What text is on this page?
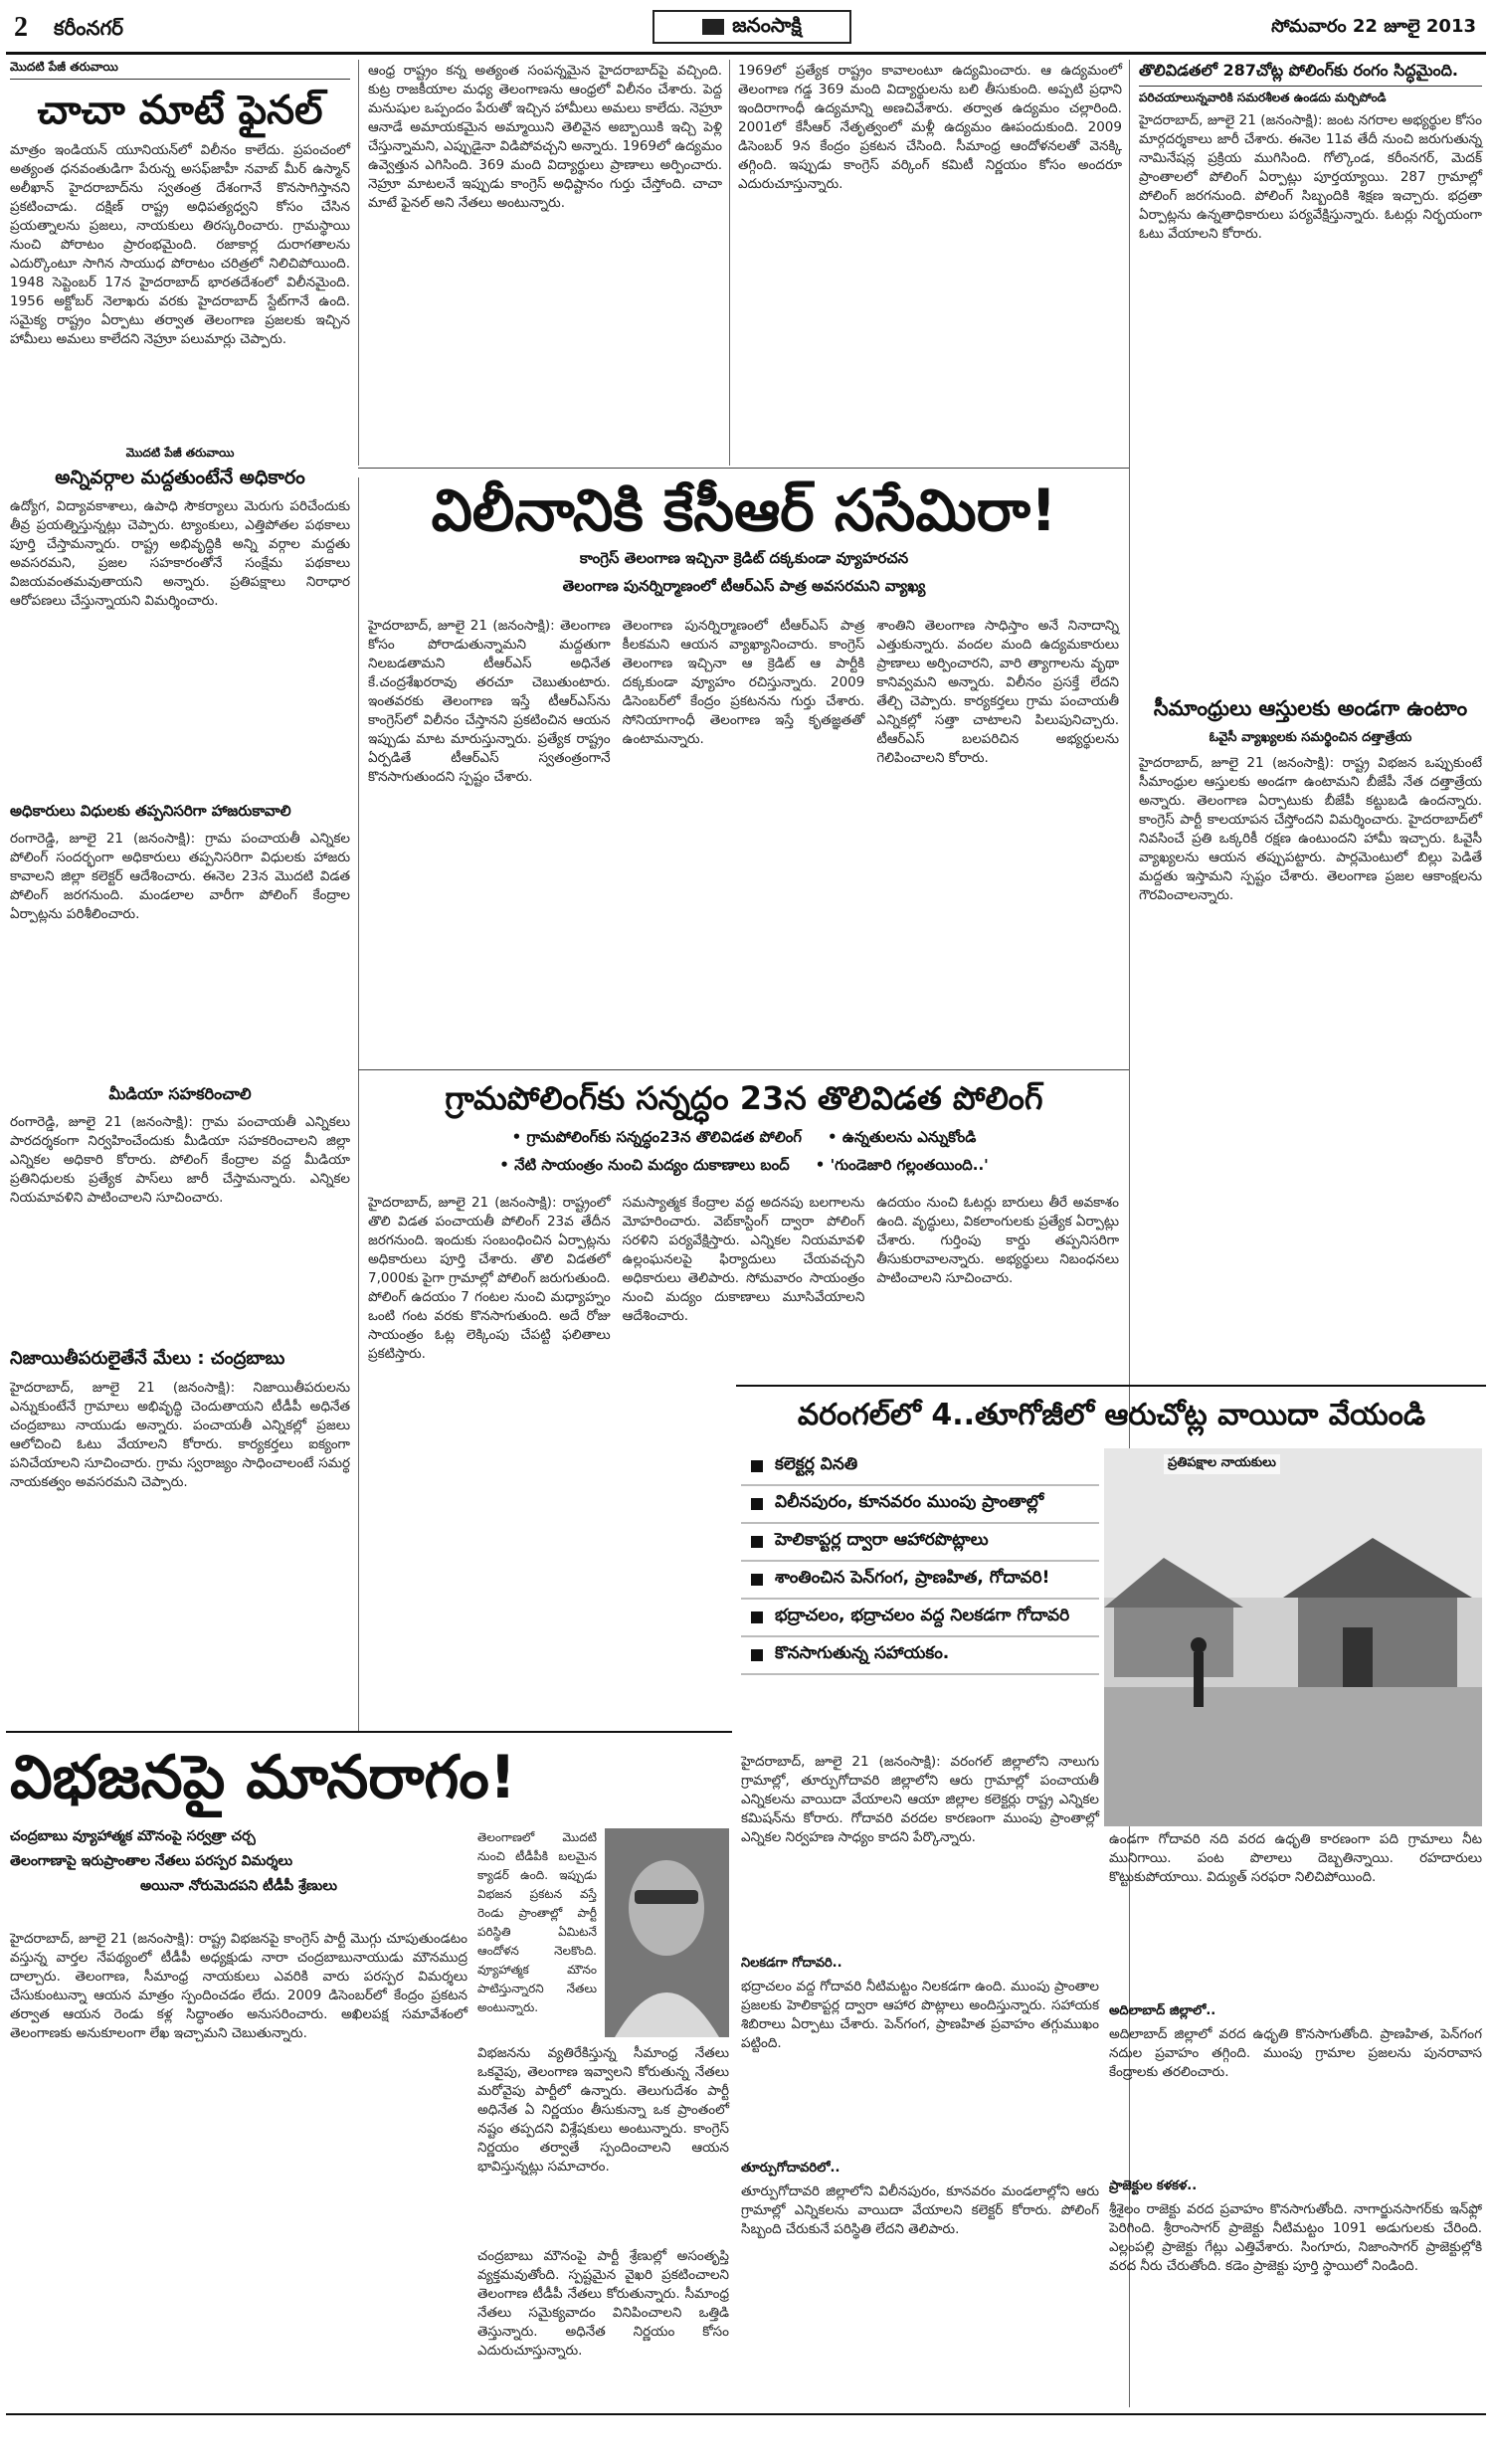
2 కరీంనగర్	జనంసాక్షి	సోమవారం 22 జూలై 2013
మొదటి పేజీ తరువాయి
చాచా మాటే ఫైనల్
మాత్రం ఇండియన్ యూనియన్‌లో విలీనం కాలేదు. ప్రపంచంలో అత్యంత ధనవంతుడిగా పేరున్న అసఫ్‌జాహీ నవాబ్ మీర్ ఉస్మాన్ అలీఖాన్ హైదరాబాద్‌ను స్వతంత్ర దేశంగానే కొనసాగిస్తానని ప్రకటించాడు. దక్షిణ్ రాష్ట్ర అధిపత్యధ్వని కోసం చేసిన ప్రయత్నాలను ప్రజలు, నాయకులు తిరస్కరించారు. గ్రామస్థాయి నుంచి పోరాటం ప్రారంభమైంది. రజాకార్ల దురాగతాలను ఎదుర్కొంటూ సాగిన సాయుధ పోరాటం చరిత్రలో నిలిచిపోయింది. 1948 సెప్టెంబర్ 17న హైదరాబాద్ భారతదేశంలో విలీనమైంది. 1956 అక్టోబర్ నెలాఖరు వరకు హైదరాబాద్ స్టేట్‌గానే ఉంది. సమైక్య రాష్ట్రం ఏర్పాటు తర్వాత తెలంగాణ ప్రజలకు ఇచ్చిన హామీలు అమలు కాలేదని నెహ్రూ పలుమార్లు చెప్పారు.
మొదటి పేజీ తరువాయి
అన్నివర్గాల మద్దతుంటేనే అధికారం
ఉద్యోగ, విద్యావకాశాలు, ఉపాధి సౌకర్యాలు మెరుగు పరిచేందుకు తీవ్ర ప్రయత్నిస్తున్నట్లు చెప్పారు. ట్యాంకులు, ఎత్తిపోతల పథకాలు పూర్తి చేస్తామన్నారు. రాష్ట్ర అభివృద్ధికి అన్ని వర్గాల మద్దతు అవసరమని, ప్రజల సహకారంతోనే సంక్షేమ పథకాలు విజయవంతమవుతాయని అన్నారు. ప్రతిపక్షాలు నిరాధార ఆరోపణలు చేస్తున్నాయని విమర్శించారు.
అధికారులు విధులకు తప్పనిసరిగా హాజరుకావాలి
రంగారెడ్డి, జూలై 21 (జనంసాక్షి): గ్రామ పంచాయతీ ఎన్నికల పోలింగ్ సందర్భంగా అధికారులు తప్పనిసరిగా విధులకు హాజరు కావాలని జిల్లా కలెక్టర్ ఆదేశించారు. ఈనెల 23న మొదటి విడత పోలింగ్ జరగనుంది. మండలాల వారీగా పోలింగ్ కేంద్రాల ఏర్పాట్లను పరిశీలించారు.
మీడియా సహకరించాలి
రంగారెడ్డి, జూలై 21 (జనంసాక్షి): గ్రామ పంచాయతీ ఎన్నికలు పారదర్శకంగా నిర్వహించేందుకు మీడియా సహకరించాలని జిల్లా ఎన్నికల అధికారి కోరారు. పోలింగ్ కేంద్రాల వద్ద మీడియా ప్రతినిధులకు ప్రత్యేక పాస్‌లు జారీ చేస్తామన్నారు. ఎన్నికల నియమావళిని పాటించాలని సూచించారు.
నిజాయితీపరులైతేనే మేలు : చంద్రబాబు
హైదరాబాద్, జూలై 21 (జనంసాక్షి): నిజాయితీపరులను ఎన్నుకుంటేనే గ్రామాలు అభివృద్ధి చెందుతాయని టీడీపీ అధినేత చంద్రబాబు నాయుడు అన్నారు. పంచాయతీ ఎన్నికల్లో ప్రజలు ఆలోచించి ఓటు వేయాలని కోరారు. కార్యకర్తలు ఐక్యంగా పనిచేయాలని సూచించారు. గ్రామ స్వరాజ్యం సాధించాలంటే సమర్థ నాయకత్వం అవసరమని చెప్పారు.
ఆంధ్ర రాష్ట్రం కన్న అత్యంత సంపన్నమైన హైదరాబాద్‌పై వచ్చింది. కుట్ర రాజకీయాల మధ్య తెలంగాణను ఆంధ్రలో విలీనం చేశారు. పెద్ద మనుషుల ఒప్పందం పేరుతో ఇచ్చిన హామీలు అమలు కాలేదు. నెహ్రూ ఆనాడే అమాయకమైన అమ్మాయిని తెలివైన అబ్బాయికి ఇచ్చి పెళ్లి చేస్తున్నామని, ఎప్పుడైనా విడిపోవచ్చని అన్నారు. 1969లో ఉద్యమం ఉవ్వెత్తున ఎగిసింది. 369 మంది విద్యార్థులు ప్రాణాలు అర్పించారు. నెహ్రూ మాటలనే ఇప్పుడు కాంగ్రెస్ అధిష్టానం గుర్తు చేస్తోంది. చాచా మాటే ఫైనల్ అని నేతలు అంటున్నారు.
1969లో ప్రత్యేక రాష్ట్రం కావాలంటూ ఉద్యమించారు. ఆ ఉద్యమంలో తెలంగాణ గడ్డ 369 మంది విద్యార్థులను బలి తీసుకుంది. అప్పటి ప్రధాని ఇందిరాగాంధీ ఉద్యమాన్ని అణచివేశారు. తర్వాత ఉద్యమం చల్లారింది. 2001లో కేసీఆర్ నేతృత్వంలో మళ్లీ ఉద్యమం ఊపందుకుంది. 2009 డిసెంబర్ 9న కేంద్రం ప్రకటన చేసింది. సీమాంధ్ర ఆందోళనలతో వెనక్కి తగ్గింది. ఇప్పుడు కాంగ్రెస్ వర్కింగ్ కమిటీ నిర్ణయం కోసం అందరూ ఎదురుచూస్తున్నారు.
తొలివిడతలో 287చోట్ల పోలింగ్‌కు రంగం సిద్ధమైంది.
పరిచయాలున్నవారికి సమరశీలత ఉండదు మర్చిపోండి
హైదరాబాద్, జూలై 21 (జనంసాక్షి): జంట నగరాల అభ్యర్థుల కోసం మార్గదర్శకాలు జారీ చేశారు. ఈనెల 11వ తేదీ నుంచి జరుగుతున్న నామినేషన్ల ప్రక్రియ ముగిసింది. గోల్కొండ, కరీంనగర్, మెదక్ ప్రాంతాలలో పోలింగ్ ఏర్పాట్లు పూర్తయ్యాయి. 287 గ్రామాల్లో పోలింగ్ జరగనుంది. పోలింగ్ సిబ్బందికి శిక్షణ ఇచ్చారు. భద్రతా ఏర్పాట్లను ఉన్నతాధికారులు పర్యవేక్షిస్తున్నారు. ఓటర్లు నిర్భయంగా ఓటు వేయాలని కోరారు.
సీమాంధ్రులు ఆస్తులకు అండగా ఉంటాం
ఓవైసీ వ్యాఖ్యలకు సమర్థించిన దత్తాత్రేయ
హైదరాబాద్, జూలై 21 (జనంసాక్షి): రాష్ట్ర విభజన ఒప్పుకుంటే సీమాంధ్రుల ఆస్తులకు అండగా ఉంటామని బీజేపీ నేత దత్తాత్రేయ అన్నారు. తెలంగాణ ఏర్పాటుకు బీజేపీ కట్టుబడి ఉందన్నారు. కాంగ్రెస్ పార్టీ కాలయాపన చేస్తోందని విమర్శించారు. హైదరాబాద్‌లో నివసించే ప్రతి ఒక్కరికీ రక్షణ ఉంటుందని హామీ ఇచ్చారు. ఓవైసీ వ్యాఖ్యలను ఆయన తప్పుపట్టారు. పార్లమెంటులో బిల్లు పెడితే మద్దతు ఇస్తామని స్పష్టం చేశారు. తెలంగాణ ప్రజల ఆకాంక్షలను గౌరవించాలన్నారు.
విలీనానికి కేసీఆర్ ససేమిరా!
కాంగ్రెస్ తెలంగాణ ఇచ్చినా క్రెడిట్ దక్కకుండా వ్యూహరచన
తెలంగాణ పునర్నిర్మాణంలో టీఆర్ఎస్ పాత్ర అవసరమని వ్యాఖ్య
హైదరాబాద్, జూలై 21 (జనంసాక్షి): తెలంగాణ కోసం పోరాడుతున్నామని మద్దతుగా నిలబడతామని టీఆర్ఎస్ అధినేత కే.చంద్రశేఖరరావు తరచూ చెబుతుంటారు. ఇంతవరకు తెలంగాణ ఇస్తే టీఆర్ఎస్‌ను కాంగ్రెస్‌లో విలీనం చేస్తానని ప్రకటించిన ఆయన ఇప్పుడు మాట మారుస్తున్నారు. ప్రత్యేక రాష్ట్రం ఏర్పడితే టీఆర్ఎస్ స్వతంత్రంగానే కొనసాగుతుందని స్పష్టం చేశారు.
తెలంగాణ పునర్నిర్మాణంలో టీఆర్ఎస్ పాత్ర కీలకమని ఆయన వ్యాఖ్యానించారు. కాంగ్రెస్ తెలంగాణ ఇచ్చినా ఆ క్రెడిట్ ఆ పార్టీకి దక్కకుండా వ్యూహం రచిస్తున్నారు. 2009 డిసెంబర్‌లో కేంద్రం ప్రకటనను గుర్తు చేశారు. సోనియాగాంధీ తెలంగాణ ఇస్తే కృతజ్ఞతతో ఉంటామన్నారు.
శాంతిని తెలంగాణ సాధిస్తాం అనే నినాదాన్ని ఎత్తుకున్నారు. వందల మంది ఉద్యమకారులు ప్రాణాలు అర్పించారని, వారి త్యాగాలను వృథా కానివ్వమని అన్నారు. విలీనం ప్రసక్తే లేదని తేల్చి చెప్పారు. కార్యకర్తలు గ్రామ పంచాయతీ ఎన్నికల్లో సత్తా చాటాలని పిలుపునిచ్చారు. టీఆర్ఎస్ బలపరిచిన అభ్యర్థులను గెలిపించాలని కోరారు.
గ్రామపోలింగ్‌కు సన్నద్ధం 23న తొలివిడత పోలింగ్
• గ్రామపోలింగ్‌కు సన్నద్ధం23న తొలివిడత పోలింగ్ • ఉన్నతులను ఎన్నుకోండి
• నేటి సాయంత్రం నుంచి మద్యం దుకాణాలు బంద్ • 'గుండెజారి గల్లంతయింది..'
హైదరాబాద్, జూలై 21 (జనంసాక్షి): రాష్ట్రంలో తొలి విడత పంచాయతీ పోలింగ్ 23వ తేదీన జరగనుంది. ఇందుకు సంబంధించిన ఏర్పాట్లను అధికారులు పూర్తి చేశారు. తొలి విడతలో 7,000కు పైగా గ్రామాల్లో పోలింగ్ జరుగుతుంది. పోలింగ్ ఉదయం 7 గంటల నుంచి మధ్యాహ్నం ఒంటి గంట వరకు కొనసాగుతుంది. అదే రోజు సాయంత్రం ఓట్ల లెక్కింపు చేపట్టి ఫలితాలు ప్రకటిస్తారు.
సమస్యాత్మక కేంద్రాల వద్ద అదనపు బలగాలను మోహరించారు. వెబ్‌కాస్టింగ్ ద్వారా పోలింగ్ సరళిని పర్యవేక్షిస్తారు. ఎన్నికల నియమావళి ఉల్లంఘనలపై ఫిర్యాదులు చేయవచ్చని అధికారులు తెలిపారు. సోమవారం సాయంత్రం నుంచి మద్యం దుకాణాలు మూసివేయాలని ఆదేశించారు.
ఉదయం నుంచి ఓటర్లు బారులు తీరే అవకాశం ఉంది. వృద్ధులు, వికలాంగులకు ప్రత్యేక ఏర్పాట్లు చేశారు. గుర్తింపు కార్డు తప్పనిసరిగా తీసుకురావాలన్నారు. అభ్యర్థులు నిబంధనలు పాటించాలని సూచించారు.
వరంగల్‌లో 4..తూగోజీలో ఆరుచోట్ల వాయిదా వేయండి
కలెక్టర్ల వినతి
విలీనపురం, కూనవరం ముంపు ప్రాంతాల్లో
హెలికాప్టర్ల ద్వారా ఆహారపొట్లాలు
శాంతించిన పెన్‌గంగ, ప్రాణహిత, గోదావరి!
భద్రాచలం, భద్రాచలం వద్ద నిలకడగా గోదావరి
కొనసాగుతున్న సహాయకం.
ప్రతిపక్షాల నాయకులు
హైదరాబాద్, జూలై 21 (జనంసాక్షి): వరంగల్ జిల్లాలోని నాలుగు గ్రామాల్లో, తూర్పుగోదావరి జిల్లాలోని ఆరు గ్రామాల్లో పంచాయతీ ఎన్నికలను వాయిదా వేయాలని ఆయా జిల్లాల కలెక్టర్లు రాష్ట్ర ఎన్నికల కమిషన్‌ను కోరారు. గోదావరి వరదల కారణంగా ముంపు ప్రాంతాల్లో ఎన్నికల నిర్వహణ సాధ్యం కాదని పేర్కొన్నారు.
నిలకడగా గోదావరి..
భద్రాచలం వద్ద గోదావరి నీటిమట్టం నిలకడగా ఉంది. ముంపు ప్రాంతాల ప్రజలకు హెలికాప్టర్ల ద్వారా ఆహార పొట్లాలు అందిస్తున్నారు. సహాయక శిబిరాలు ఏర్పాటు చేశారు. పెన్‌గంగ, ప్రాణహిత ప్రవాహం తగ్గుముఖం పట్టింది.
తూర్పుగోదావరిలో..
తూర్పుగోదావరి జిల్లాలోని విలీనపురం, కూనవరం మండలాల్లోని ఆరు గ్రామాల్లో ఎన్నికలను వాయిదా వేయాలని కలెక్టర్ కోరారు. పోలింగ్ సిబ్బంది చేరుకునే పరిస్థితి లేదని తెలిపారు.
ఉండగా గోదావరి నది వరద ఉధృతి కారణంగా పది గ్రామాలు నీట మునిగాయి. పంట పొలాలు దెబ్బతిన్నాయి. రహదారులు కొట్టుకుపోయాయి. విద్యుత్ సరఫరా నిలిచిపోయింది.
అదిలాబాద్ జిల్లాలో..
అదిలాబాద్ జిల్లాలో వరద ఉధృతి కొనసాగుతోంది. ప్రాణహిత, పెన్‌గంగ నదుల ప్రవాహం తగ్గింది. ముంపు గ్రామాల ప్రజలను పునరావాస కేంద్రాలకు తరలించారు.
ప్రాజెక్టుల కళకళ..
శ్రీశైలం రాజెక్టు వరద ప్రవాహం కొనసాగుతోంది. నాగార్జునసాగర్‌కు ఇన్‌ఫ్లో పెరిగింది. శ్రీరాంసాగర్ ప్రాజెక్టు నీటిమట్టం 1091 అడుగులకు చేరింది. ఎల్లంపల్లి ప్రాజెక్టు గేట్లు ఎత్తివేశారు. సింగూరు, నిజాంసాగర్ ప్రాజెక్టుల్లోకి వరద నీరు చేరుతోంది. కడెం ప్రాజెక్టు పూర్తి స్థాయిలో నిండింది.
విభజనపై మానరాగం!
చంద్రబాబు వ్యూహాత్మక మౌనంపై సర్వత్రా చర్చ
తెలంగాణాపై ఇరుప్రాంతాల నేతలు పరస్పర విమర్శలు
అయినా నోరుమెదపని టీడీపీ శ్రేణులు
హైదరాబాద్, జూలై 21 (జనంసాక్షి): రాష్ట్ర విభజనపై కాంగ్రెస్ పార్టీ మొగ్గు చూపుతుండటం వస్తున్న వార్తల నేపథ్యంలో టీడీపీ అధ్యక్షుడు నారా చంద్రబాబునాయుడు మౌనముద్ర దాల్చారు. తెలంగాణ, సీమాంధ్ర నాయకులు ఎవరికి వారు పరస్పర విమర్శలు చేసుకుంటున్నా ఆయన మాత్రం స్పందించడం లేదు. 2009 డిసెంబర్‌లో కేంద్రం ప్రకటన తర్వాత ఆయన రెండు కళ్ల సిద్ధాంతం అనుసరించారు. అఖిలపక్ష సమావేశంలో తెలంగాణకు అనుకూలంగా లేఖ ఇచ్చామని చెబుతున్నారు.
తెలంగాణలో మొదటి నుంచి టీడీపీకి బలమైన క్యాడర్ ఉంది. ఇప్పుడు విభజన ప్రకటన వస్తే రెండు ప్రాంతాల్లో పార్టీ పరిస్థితి ఏమిటనే ఆందోళన నెలకొంది. వ్యూహాత్మక మౌనం పాటిస్తున్నారని నేతలు అంటున్నారు.
విభజనను వ్యతిరేకిస్తున్న సీమాంధ్ర నేతలు ఒకవైపు, తెలంగాణ ఇవ్వాలని కోరుతున్న నేతలు మరోవైపు పార్టీలో ఉన్నారు. తెలుగుదేశం పార్టీ అధినేత ఏ నిర్ణయం తీసుకున్నా ఒక ప్రాంతంలో నష్టం తప్పదని విశ్లేషకులు అంటున్నారు. కాంగ్రెస్ నిర్ణయం తర్వాతే స్పందించాలని ఆయన భావిస్తున్నట్లు సమాచారం.
చంద్రబాబు మౌనంపై పార్టీ శ్రేణుల్లో అసంతృప్తి వ్యక్తమవుతోంది. స్పష్టమైన వైఖరి ప్రకటించాలని తెలంగాణ టీడీపీ నేతలు కోరుతున్నారు. సీమాంధ్ర నేతలు సమైక్యవాదం వినిపించాలని ఒత్తిడి తెస్తున్నారు. అధినేత నిర్ణయం కోసం ఎదురుచూస్తున్నారు.
